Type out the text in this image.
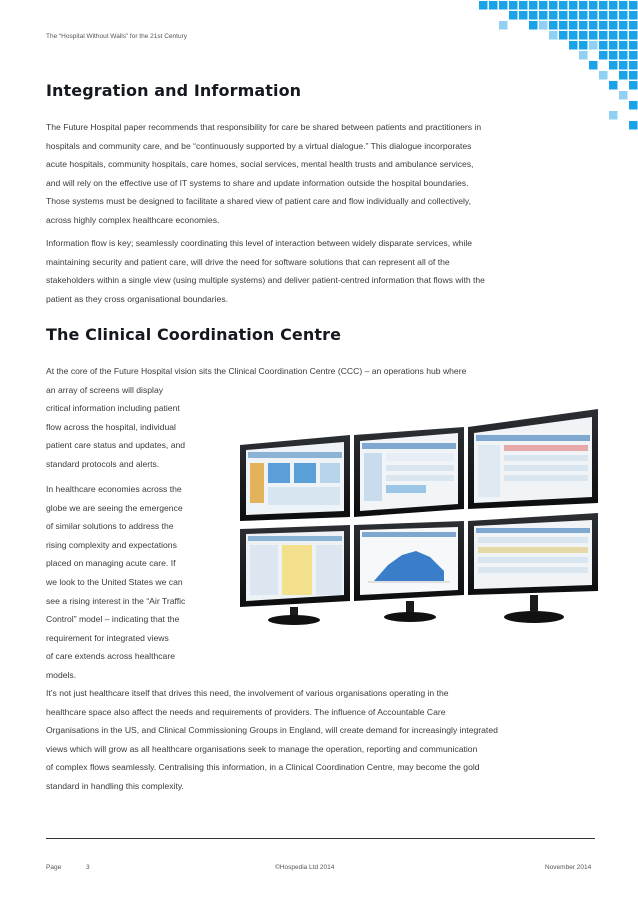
The “Hospital Without Walls” for the 21st Century
Integration and Information
The Future Hospital paper recommends that responsibility for care be shared between patients and practitioners in
hospitals and community care, and be “continuously supported by a virtual dialogue.” This dialogue incorporates
acute hospitals, community hospitals, care homes, social services, mental health trusts and ambulance services,
and will rely on the effective use of IT systems to share and update information outside the hospital boundaries.
Those systems must be designed to facilitate a shared view of patient care and flow individually and collectively,
across highly complex healthcare economies.
Information flow is key; seamlessly coordinating this level of interaction between widely disparate services, while
maintaining security and patient care, will drive the need for software solutions that can represent all of the
stakeholders within a single view (using multiple systems) and deliver patient-centred information that flows with the
patient as they cross organisational boundaries.
The Clinical Coordination Centre
At the core of the Future Hospital vision sits the Clinical Coordination Centre (CCC) – an operations hub where
an array of screens will display
critical information including patient
flow across the hospital, individual
patient care status and updates, and
standard protocols and alerts.
In healthcare economies across the
globe we are seeing the emergence
of similar solutions to address the
rising complexity and expectations
placed on managing acute care. If
we look to the United States we can
see a rising interest in the “Air Traffic
Control” model – indicating that the
requirement for integrated views
of care extends across healthcare
models.
It’s not just healthcare itself that drives this need, the involvement of various organisations operating in the
healthcare space also affect the needs and requirements of providers. The influence of Accountable Care
Organisations in the US, and Clinical Commissioning Groups in England, will create demand for increasingly integrated
views which will grow as all healthcare organisations seek to manage the operation, reporting and communication
of complex flows seamlessly. Centralising this information, in a Clinical Coordination Centre, may become the gold
standard in handling this complexity.
Page	3	©Hospedia Ltd 2014	November 2014
